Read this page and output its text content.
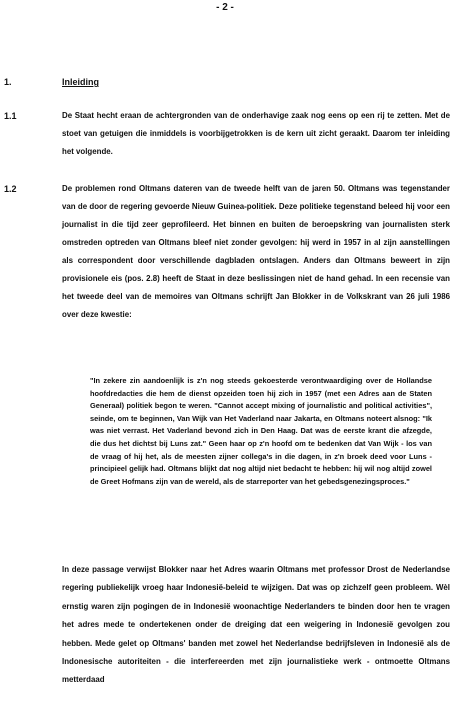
- 2 -
1.	Inleiding
1.1	De Staat hecht eraan de achtergronden van de onderhavige zaak nog eens op een rij te zetten. Met de stoet van getuigen die inmiddels is voorbijgetrokken is de kern uit zicht geraakt. Daarom ter inleiding het volgende.
1.2	De problemen rond Oltmans dateren van de tweede helft van de jaren 50. Oltmans was tegenstander van de door de regering gevoerde Nieuw Guinea-politiek. Deze politieke tegenstand beleed hij voor een journalist in die tijd zeer geprofileerd. Het binnen en buiten de beroepskring van journalisten sterk omstreden optreden van Oltmans bleef niet zonder gevolgen: hij werd in 1957 in al zijn aanstellingen als correspondent door verschillende dagbladen ontslagen. Anders dan Oltmans beweert in zijn provisionele eis (pos. 2.8) heeft de Staat in deze beslissingen niet de hand gehad. In een recensie van het tweede deel van de memoires van Oltmans schrijft Jan Blokker in de Volkskrant van 26 juli 1986 over deze kwestie:
"In zekere zin aandoenlijk is z'n nog steeds gekoesterde verontwaardiging over de Hollandse hoofdredacties die hem de dienst opzeiden toen hij zich in 1957 (met een Adres aan de Staten Generaal) politiek begon te weren. "Cannot accept mixing of journalistic and political activities", seinde, om te beginnen, Van Wijk van Het Vaderland naar Jakarta, en Oltmans noteert alsnog: "Ik was niet verrast. Het Vaderland bevond zich in Den Haag. Dat was de eerste krant die afzegde, die dus het dichtst bij Luns zat." Geen haar op z'n hoofd om te bedenken dat Van Wijk - los van de vraag of hij het, als de meesten zijner collega's in die dagen, in z'n broek deed voor Luns - principieel gelijk had. Oltmans blijkt dat nog altijd niet bedacht te hebben: hij wil nog altijd zowel de Greet Hofmans zijn van de wereld, als de starreporter van het gebedsgenezingsproces."
In deze passage verwijst Blokker naar het Adres waarin Oltmans met professor Drost de Nederlandse regering publiekelijk vroeg haar Indonesië-beleid te wijzigen. Dat was op zichzelf geen probleem. Wèl ernstig waren zijn pogingen de in Indonesië woonachtige Nederlanders te binden door hen te vragen het adres mede te ondertekenen onder de dreiging dat een weigering in Indonesië gevolgen zou hebben. Mede gelet op Oltmans' banden met zowel het Nederlandse bedrijfsleven in Indonesië als de Indonesische autoriteiten - die interfereerden met zijn journalistieke werk - ontmoette Oltmans metterdaad
